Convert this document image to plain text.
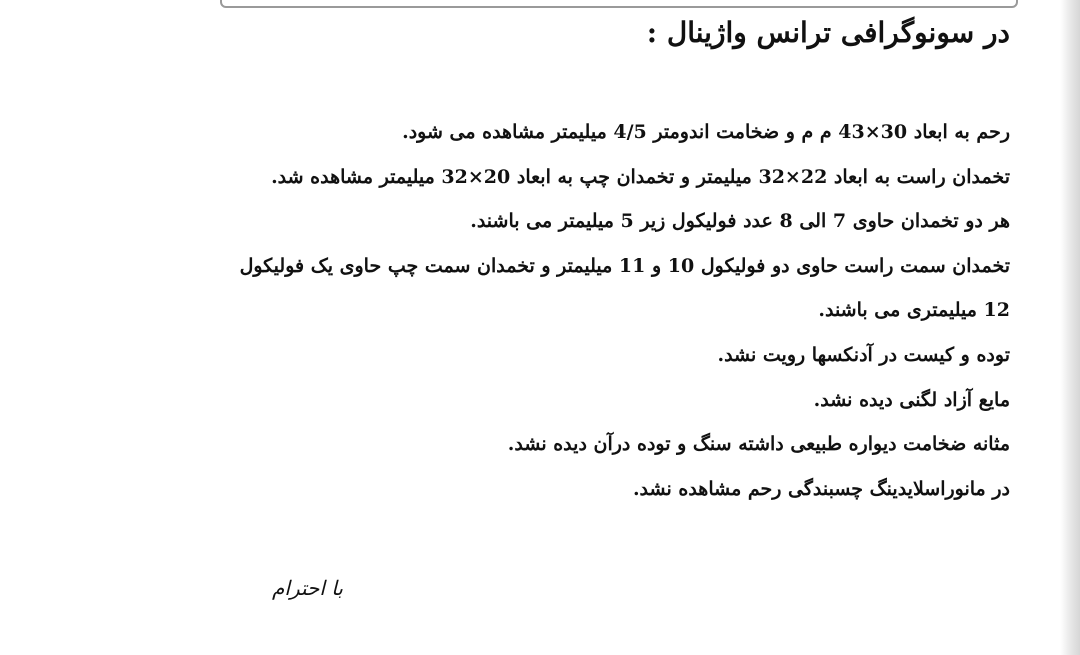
در سونوگرافی ترانس واژینال :
رحم به ابعاد 30×43 م م و ضخامت اندومتر 4/5 میلیمتر مشاهده می شود.
تخمدان راست به ابعاد 22×32 میلیمتر و تخمدان چپ به ابعاد 20×32 میلیمتر مشاهده شد.
هر دو تخمدان حاوی 7 الی 8 عدد فولیکول زیر 5 میلیمتر می باشند.
تخمدان سمت راست حاوی دو فولیکول 10 و 11 میلیمتر و تخمدان سمت چپ حاوی یک فولیکول
12 میلیمتری می باشند.
توده و کیست در آدنکسها رویت نشد.
مایع آزاد لگنی دیده نشد.
مثانه ضخامت دیواره طبیعی داشته سنگ و توده درآن دیده نشد.
در مانوراسلایدینگ چسبندگی رحم مشاهده نشد.
با احترام
